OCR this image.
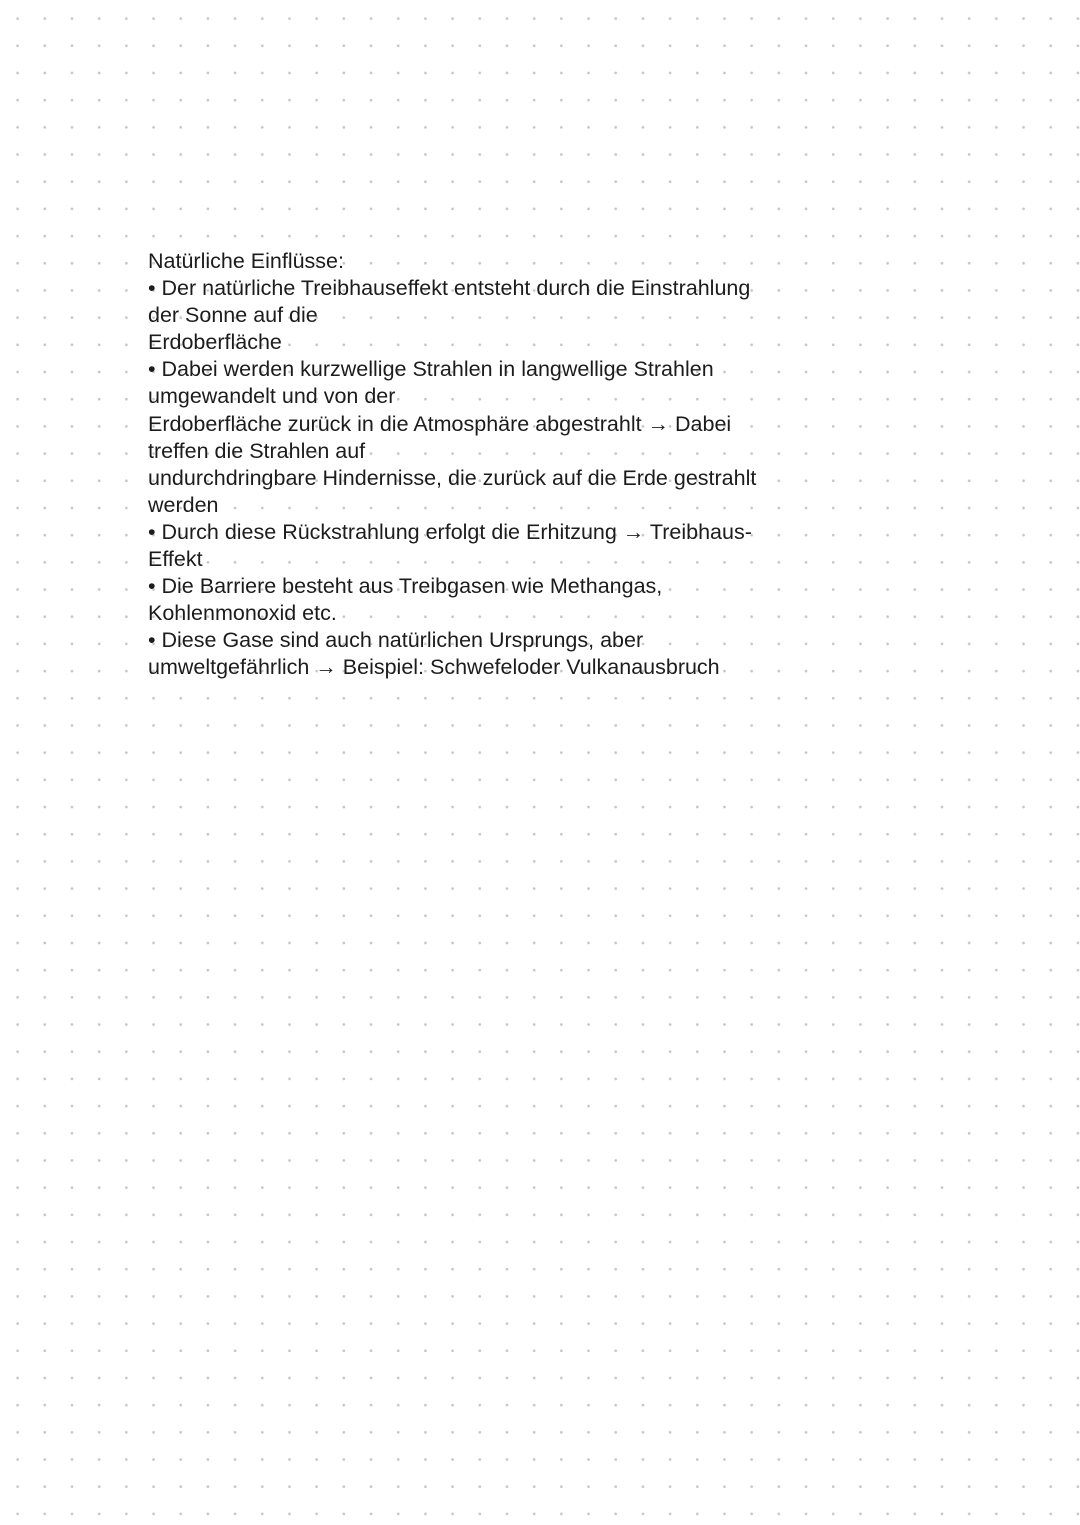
Natürliche Einflüsse:
• Der natürliche Treibhauseffekt entsteht durch die Einstrahlung
der Sonne auf die
Erdoberfläche
• Dabei werden kurzwellige Strahlen in langwellige Strahlen
umgewandelt und von der
Erdoberfläche zurück in die Atmosphäre abgestrahlt → Dabei
treffen die Strahlen auf
undurchdringbare Hindernisse, die zurück auf die Erde gestrahlt
werden
• Durch diese Rückstrahlung erfolgt die Erhitzung → Treibhaus-
Effekt
• Die Barriere besteht aus Treibgasen wie Methangas,
Kohlenmonoxid etc.
• Diese Gase sind auch natürlichen Ursprungs, aber
umweltgefährlich → Beispiel: Schwefeloder Vulkanausbruch
